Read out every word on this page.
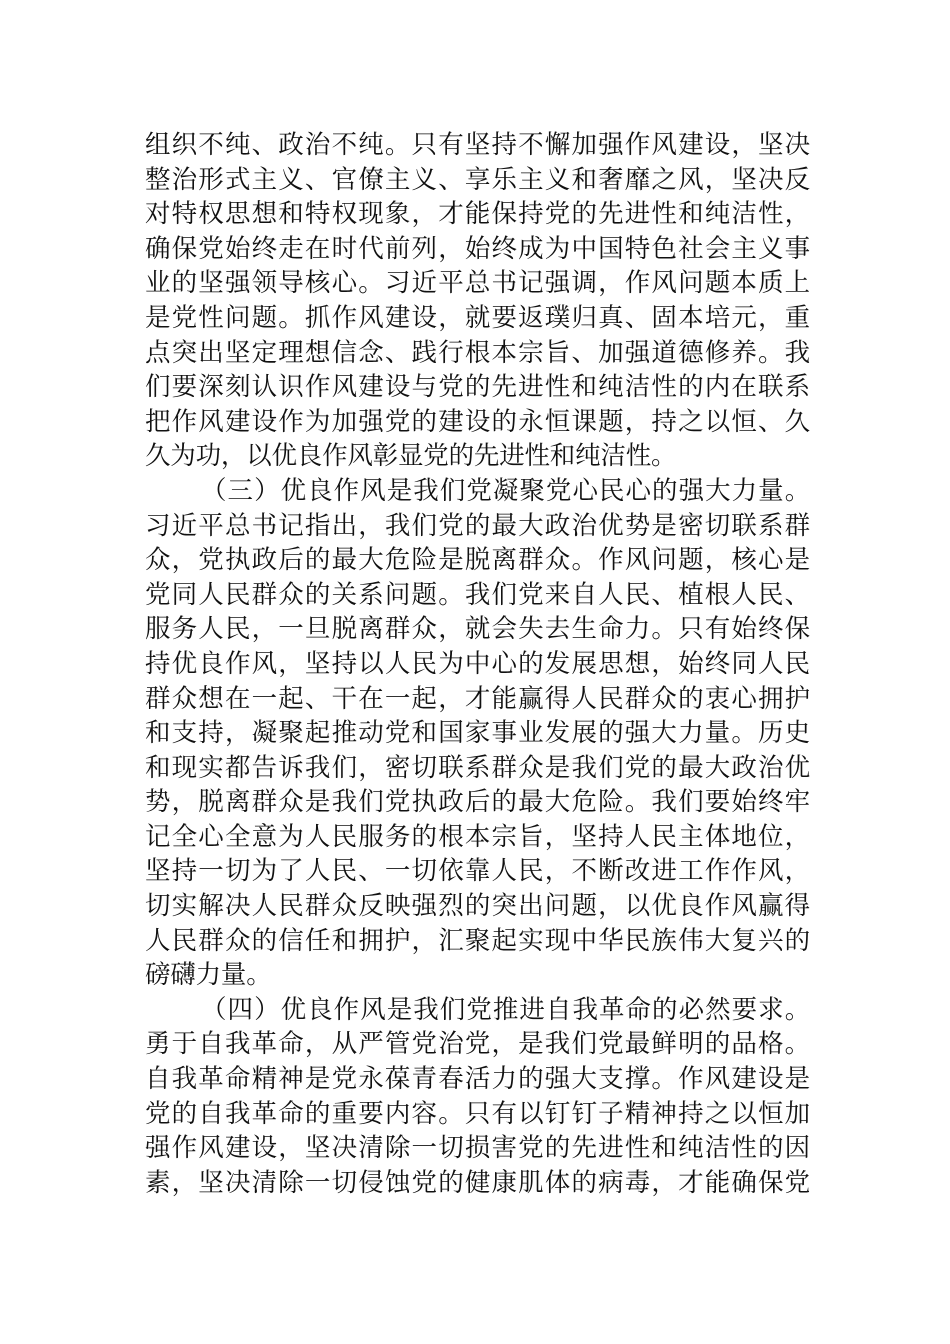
组织不纯、政治不纯。只有坚持不懈加强作风建设，坚决
整治形式主义、官僚主义、享乐主义和奢靡之风，坚决反
对特权思想和特权现象，才能保持党的先进性和纯洁性，
确保党始终走在时代前列，始终成为中国特色社会主义事
业的坚强领导核心。习近平总书记强调，作风问题本质上
是党性问题。抓作风建设，就要返璞归真、固本培元，重
点突出坚定理想信念、践行根本宗旨、加强道德修养。我
们要深刻认识作风建设与党的先进性和纯洁性的内在联系
把作风建设作为加强党的建设的永恒课题，持之以恒、久
久为功，以优良作风彰显党的先进性和纯洁性。
（三）优良作风是我们党凝聚党心民心的强大力量。
习近平总书记指出，我们党的最大政治优势是密切联系群
众，党执政后的最大危险是脱离群众。作风问题，核心是
党同人民群众的关系问题。我们党来自人民、植根人民、
服务人民，一旦脱离群众，就会失去生命力。只有始终保
持优良作风，坚持以人民为中心的发展思想，始终同人民
群众想在一起、干在一起，才能赢得人民群众的衷心拥护
和支持，凝聚起推动党和国家事业发展的强大力量。历史
和现实都告诉我们，密切联系群众是我们党的最大政治优
势，脱离群众是我们党执政后的最大危险。我们要始终牢
记全心全意为人民服务的根本宗旨，坚持人民主体地位，
坚持一切为了人民、一切依靠人民，不断改进工作作风，
切实解决人民群众反映强烈的突出问题，以优良作风赢得
人民群众的信任和拥护，汇聚起实现中华民族伟大复兴的
磅礴力量。
（四）优良作风是我们党推进自我革命的必然要求。
勇于自我革命，从严管党治党，是我们党最鲜明的品格。
自我革命精神是党永葆青春活力的强大支撑。作风建设是
党的自我革命的重要内容。只有以钉钉子精神持之以恒加
强作风建设，坚决清除一切损害党的先进性和纯洁性的因
素，坚决清除一切侵蚀党的健康肌体的病毒，才能确保党
